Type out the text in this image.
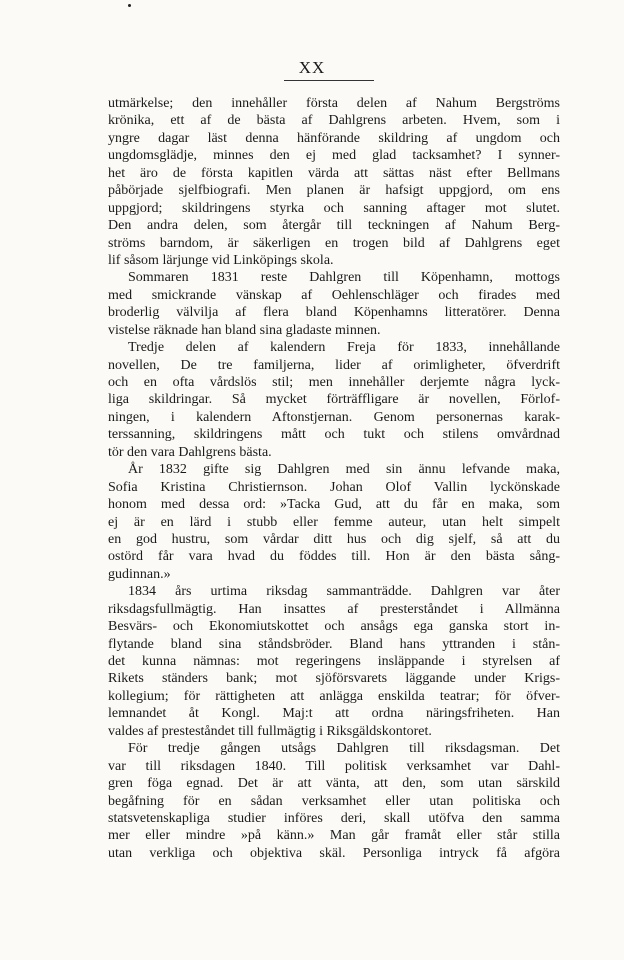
XX
utmärkelse; den innehåller första delen af Nahum Bergströms
krönika, ett af de bästa af Dahlgrens arbeten. Hvem, som i
yngre dagar läst denna hänförande skildring af ungdom och
ungdomsglädje, minnes den ej med glad tacksamhet? I synner-
het äro de första kapitlen värda att sättas näst efter Bellmans
påbörjade sjelfbiografi. Men planen är hafsigt uppgjord, om ens
uppgjord; skildringens styrka och sanning aftager mot slutet.
Den andra delen, som återgår till teckningen af Nahum Berg-
ströms barndom, är säkerligen en trogen bild af Dahlgrens eget
lif såsom lärjunge vid Linköpings skola.
Sommaren 1831 reste Dahlgren till Köpenhamn, mottogs
med smickrande vänskap af Oehlenschläger och firades med
broderlig välvilja af flera bland Köpenhamns litteratörer. Denna
vistelse räknade han bland sina gladaste minnen.
Tredje delen af kalendern Freja för 1833, innehållande
novellen, De tre familjerna, lider af orimligheter, öfverdrift
och en ofta vårdslös stil; men innehåller derjemte några lyck-
liga skildringar. Så mycket förträffligare är novellen, Förlof-
ningen, i kalendern Aftonstjernan. Genom personernas karak-
terssanning, skildringens mått och tukt och stilens omvårdnad
tör den vara Dahlgrens bästa.
År 1832 gifte sig Dahlgren med sin ännu lefvande maka,
Sofia Kristina Christiernson. Johan Olof Vallin lyckönskade
honom med dessa ord: »Tacka Gud, att du får en maka, som
ej är en lärd i stubb eller femme auteur, utan helt simpelt
en god hustru, som vårdar ditt hus och dig sjelf, så att du
ostörd får vara hvad du föddes till. Hon är den bästa sång-
gudinnan.»
1834 års urtima riksdag sammanträdde. Dahlgren var åter
riksdagsfullmägtig. Han insattes af presterståndet i Allmänna
Besvärs- och Ekonomiutskottet och ansågs ega ganska stort in-
flytande bland sina ståndsbröder. Bland hans yttranden i stån-
det kunna nämnas: mot regeringens insläppande i styrelsen af
Rikets ständers bank; mot sjöförsvarets läggande under Krigs-
kollegium; för rättigheten att anlägga enskilda teatrar; för öfver-
lemnandet åt Kongl. Maj:t att ordna näringsfriheten. Han
valdes af presteståndet till fullmägtig i Riksgäldskontoret.
För tredje gången utsågs Dahlgren till riksdagsman. Det
var till riksdagen 1840. Till politisk verksamhet var Dahl-
gren föga egnad. Det är att vänta, att den, som utan särskild
begåfning för en sådan verksamhet eller utan politiska och
statsvetenskapliga studier införes deri, skall utöfva den samma
mer eller mindre »på känn.» Man går framåt eller står stilla
utan verkliga och objektiva skäl. Personliga intryck få afgöra
